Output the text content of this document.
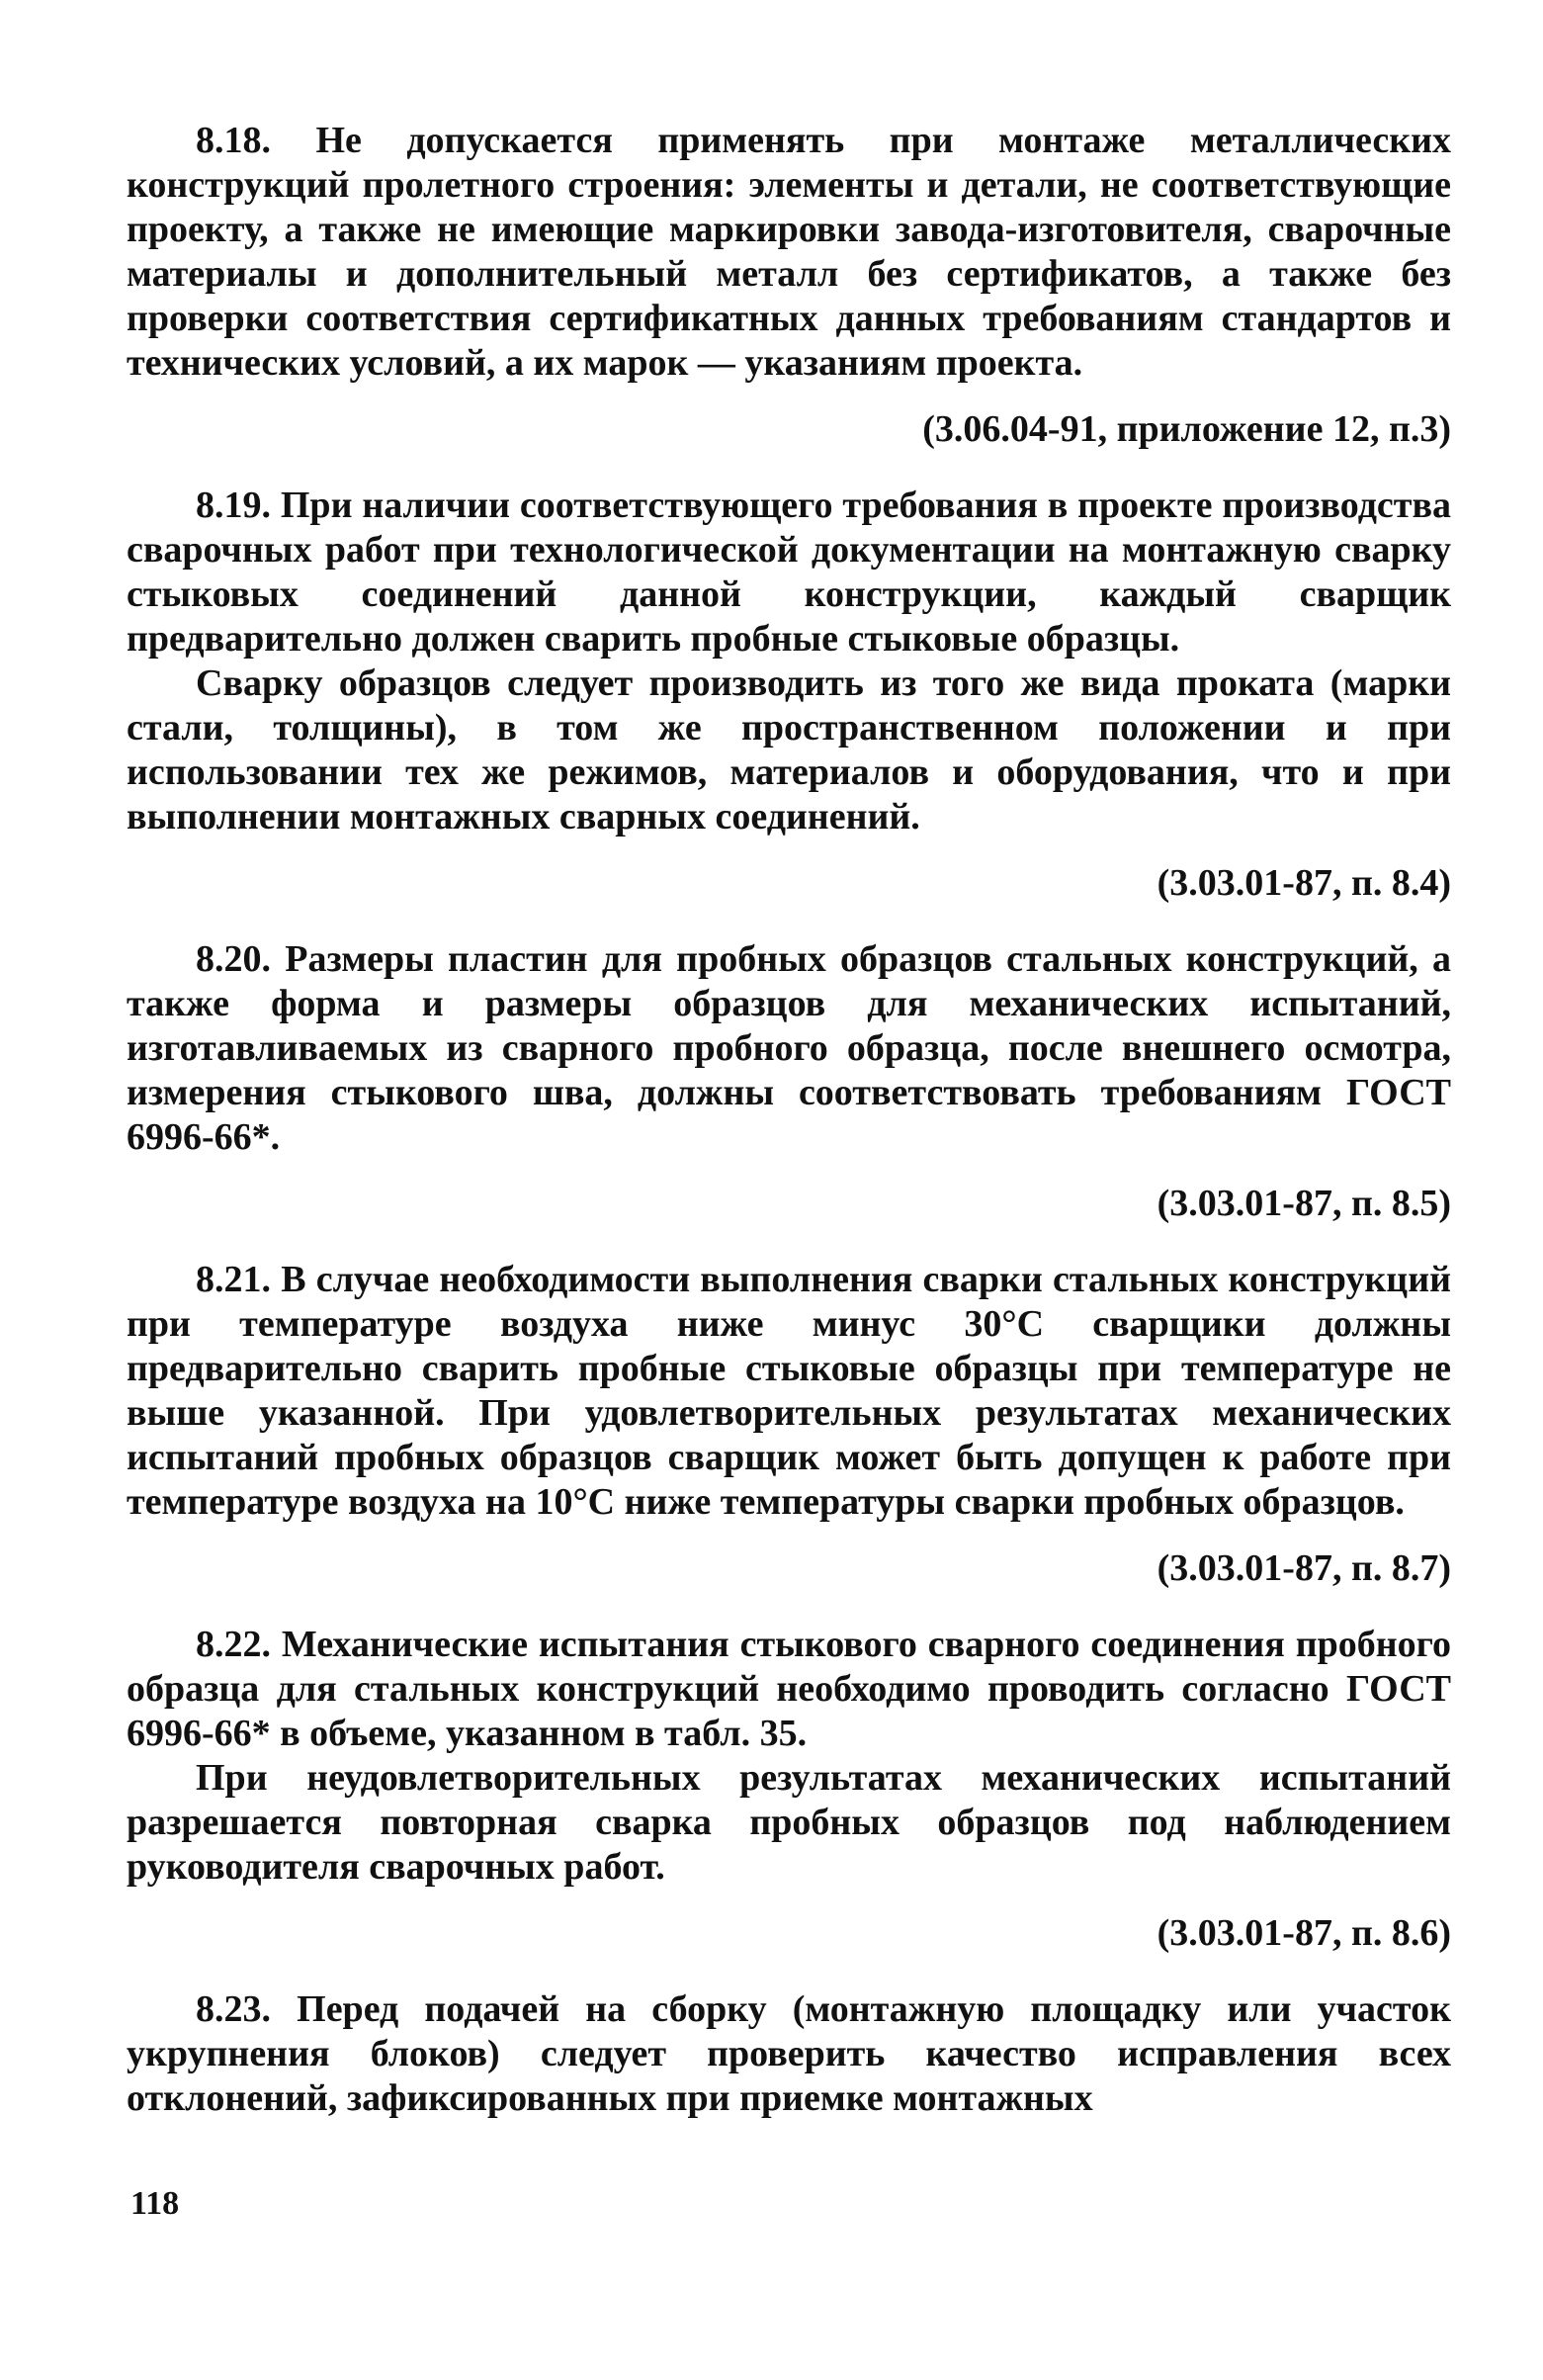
8.18. Не допускается применять при монтаже металлических конструкций пролетного строения: элементы и детали, не соответствующие проекту, а также не имеющие маркировки завода-изготовителя, сварочные материалы и дополнительный металл без сертификатов, а также без проверки соответствия сертификатных данных требованиям стандартов и технических условий, а их марок — указаниям проекта.

(3.06.04-91, приложение 12, п.3)

8.19. При наличии соответствующего требования в проекте производства сварочных работ при технологической документации на монтажную сварку стыковых соединений данной конструкции, каждый сварщик предварительно должен сварить пробные стыковые образцы.

Сварку образцов следует производить из того же вида проката (марки стали, толщины), в том же пространственном положении и при использовании тех же режимов, материалов и оборудования, что и при выполнении монтажных сварных соединений.

(3.03.01-87, п. 8.4)

8.20. Размеры пластин для пробных образцов стальных конструкций, а также форма и размеры образцов для механических испытаний, изготавливаемых из сварного пробного образца, после внешнего осмотра, измерения стыкового шва, должны соответствовать требованиям ГОСТ 6996-66*.

(3.03.01-87, п. 8.5)

8.21. В случае необходимости выполнения сварки стальных конструкций при температуре воздуха ниже минус 30°С сварщики должны предварительно сварить пробные стыковые образцы при температуре не выше указанной. При удовлетворительных результатах механических испытаний пробных образцов сварщик может быть допущен к работе при температуре воздуха на 10°С ниже температуры сварки пробных образцов.

(3.03.01-87, п. 8.7)

8.22. Механические испытания стыкового сварного соединения пробного образца для стальных конструкций необходимо проводить согласно ГОСТ 6996-66* в объеме, указанном в табл. 35.

При неудовлетворительных результатах механических испытаний разрешается повторная сварка пробных образцов под наблюдением руководителя сварочных работ.

(3.03.01-87, п. 8.6)

8.23. Перед подачей на сборку (монтажную площадку или участок укрупнения блоков) следует проверить качество исправления всех отклонений, зафиксированных при приемке монтажных

118
